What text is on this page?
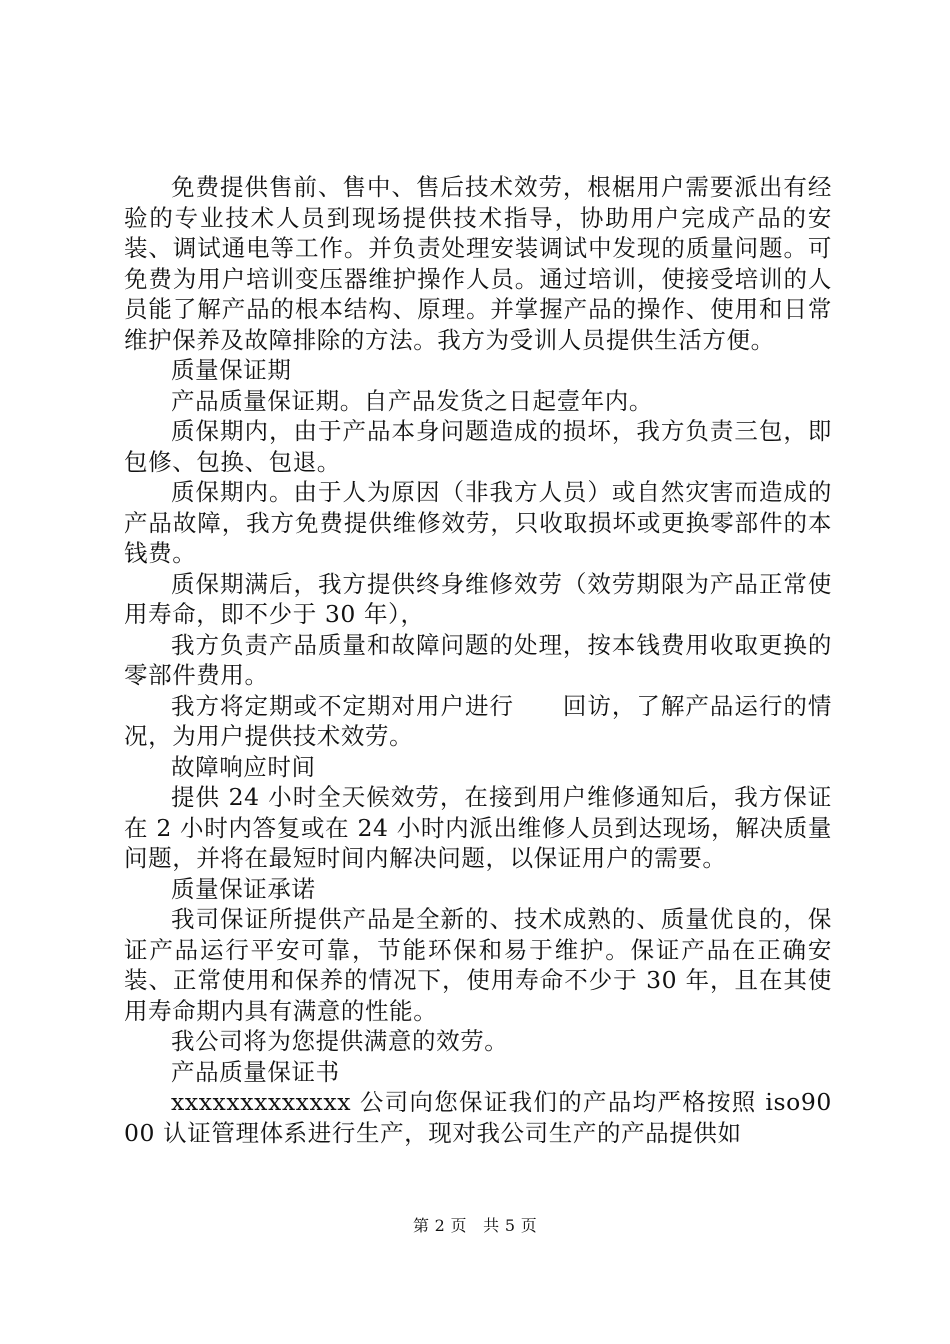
免费提供售前、售中、售后技术效劳，根椐用户需要派出有经验的专业技术人员到现场提供技术指导，协助用户完成产品的安装、调试通电等工作。并负责处理安装调试中发现的质量问题。可免费为用户培训变压器维护操作人员。通过培训，使接受培训的人员能了解产品的根本结构、原理。并掌握产品的操作、使用和日常维护保养及故障排除的方法。我方为受训人员提供生活方便。

质量保证期

产品质量保证期。自产品发货之日起壹年内。

质保期内，由于产品本身问题造成的损坏，我方负责三包，即包修、包换、包退。

质保期内。由于人为原因（非我方人员）或自然灾害而造成的产品故障，我方免费提供维修效劳，只收取损坏或更换零部件的本钱费。

质保期满后，我方提供终身维修效劳（效劳期限为产品正常使用寿命，即不少于 30 年），

我方负责产品质量和故障问题的处理，按本钱费用收取更换的零部件费用。

我方将定期或不定期对用户进行　　回访，了解产品运行的情况，为用户提供技术效劳。

故障响应时间

提供 24 小时全天候效劳，在接到用户维修通知后，我方保证在 2 小时内答复或在 24 小时内派出维修人员到达现场，解决质量问题，并将在最短时间内解决问题，以保证用户的需要。

质量保证承诺

我司保证所提供产品是全新的、技术成熟的、质量优良的，保证产品运行平安可靠，节能环保和易于维护。保证产品在正确安装、正常使用和保养的情况下，使用寿命不少于 30 年，且在其使用寿命期内具有满意的性能。

我公司将为您提供满意的效劳。

产品质量保证书

xxxxxxxxxxxxx 公司向您保证我们的产品均严格按照 iso9000 认证管理体系进行生产，现对我公司生产的产品提供如

第 2 页　共 5 页
